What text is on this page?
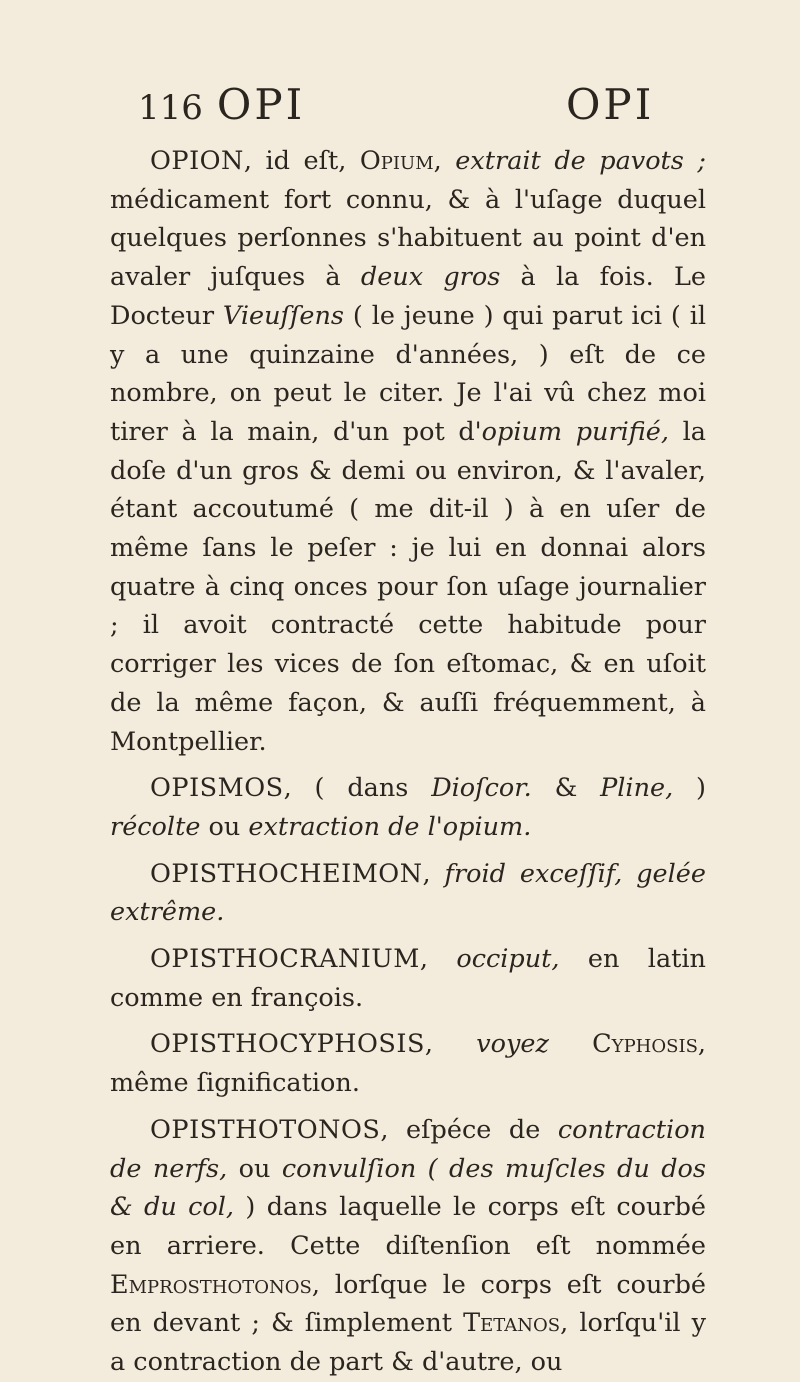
116 OPI	OPI

OPION, id eſt, Opium, extrait de pavots ; médicament fort connu, & à l'uſage duquel quelques perſonnes s'habituent au point d'en avaler juſques à deux gros à la fois. Le Docteur Vieuſſens ( le jeune ) qui parut ici ( il y a une quinzaine d'années, ) eſt de ce nombre, on peut le citer. Je l'ai vû chez moi tirer à la main, d'un pot d'opium purifié, la doſe d'un gros & demi ou environ, & l'avaler, étant accoutumé ( me dit-il ) à en uſer de même ſans le peſer : je lui en donnai alors quatre à cinq onces pour ſon uſage journalier ; il avoit contracté cette habitude pour corriger les vices de ſon eſtomac, & en uſoit de la même façon, & auſſi fréquemment, à Montpellier.

OPISMOS, ( dans Dioſcor. & Pline, ) récolte ou extraction de l'opium.

OPISTHOCHEIMON, froid exceſſif, gelée extrême.

OPISTHOCRANIUM, occiput, en latin comme en françois.

OPISTHOCYPHOSIS, voyez Cyphosis, même ſignification.

OPISTHOTONOS, eſpéce de contraction de nerfs, ou convulſion ( des muſcles du dos & du col, ) dans laquelle le corps eſt courbé en arriere. Cette diſtenſion eſt nommée Emprosthotonos, lorſque le corps eſt courbé en devant ; & ſimplement Tetanos, lorſqu'il y a contraction de part & d'autre, ou
